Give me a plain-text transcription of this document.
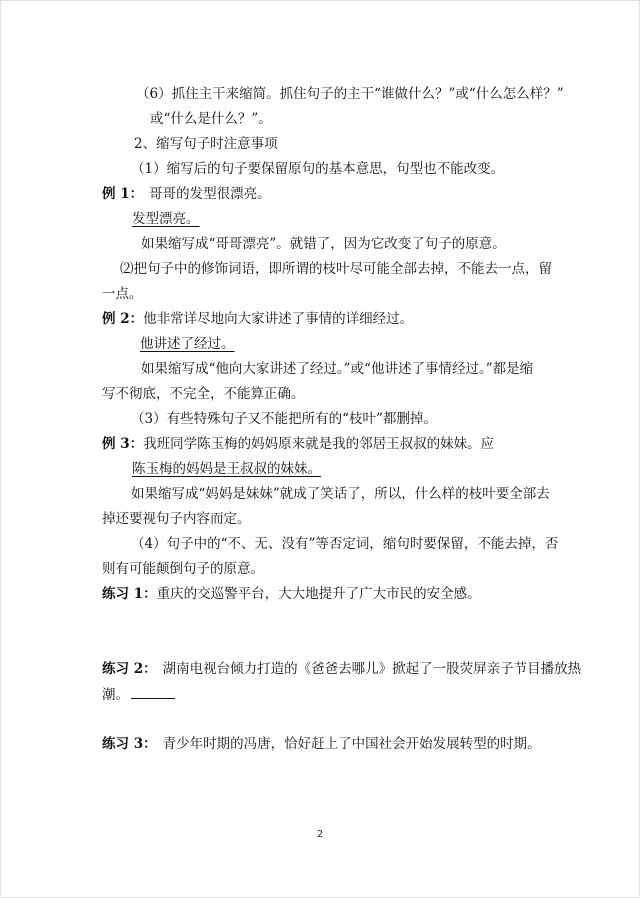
（6）抓住主干来缩简。抓住句子的主干“谁做什么？”或“什么怎么样？”
或“什么是什么？”。
2、缩写句子时注意事项
（1）缩写后的句子要保留原句的基本意思，句型也不能改变。
例 1： 哥哥的发型很漂亮。
发型漂亮。
如果缩写成“哥哥漂亮”。就错了，因为它改变了句子的原意。
⑵把句子中的修饰词语，即所谓的枝叶尽可能全部去掉，不能去一点，留
一点。
例 2：他非常详尽地向大家讲述了事情的详细经过。
他讲述了经过。
如果缩写成“他向大家讲述了经过。”或“他讲述了事情经过。”都是缩
写不彻底，不完全，不能算正确。
（3）有些特殊句子又不能把所有的“枝叶”都删掉。
例 3：我班同学陈玉梅的妈妈原来就是我的邻居王叔叔的妹妹。应
陈玉梅的妈妈是王叔叔的妹妹。
如果缩写成“妈妈是妹妹”就成了笑话了，所以，什么样的枝叶要全部去
掉还要视句子内容而定。
（4）句子中的“不、无、没有”等否定词，缩句时要保留，不能去掉，否
则有可能颠倒句子的原意。
练习 1：重庆的交巡警平台，大大地提升了广大市民的安全感。
练习 2： 湖南电视台倾力打造的《爸爸去哪儿》掀起了一股荧屏亲子节目播放热
潮。
练习 3： 青少年时期的冯唐，恰好赶上了中国社会开始发展转型的时期。
2
